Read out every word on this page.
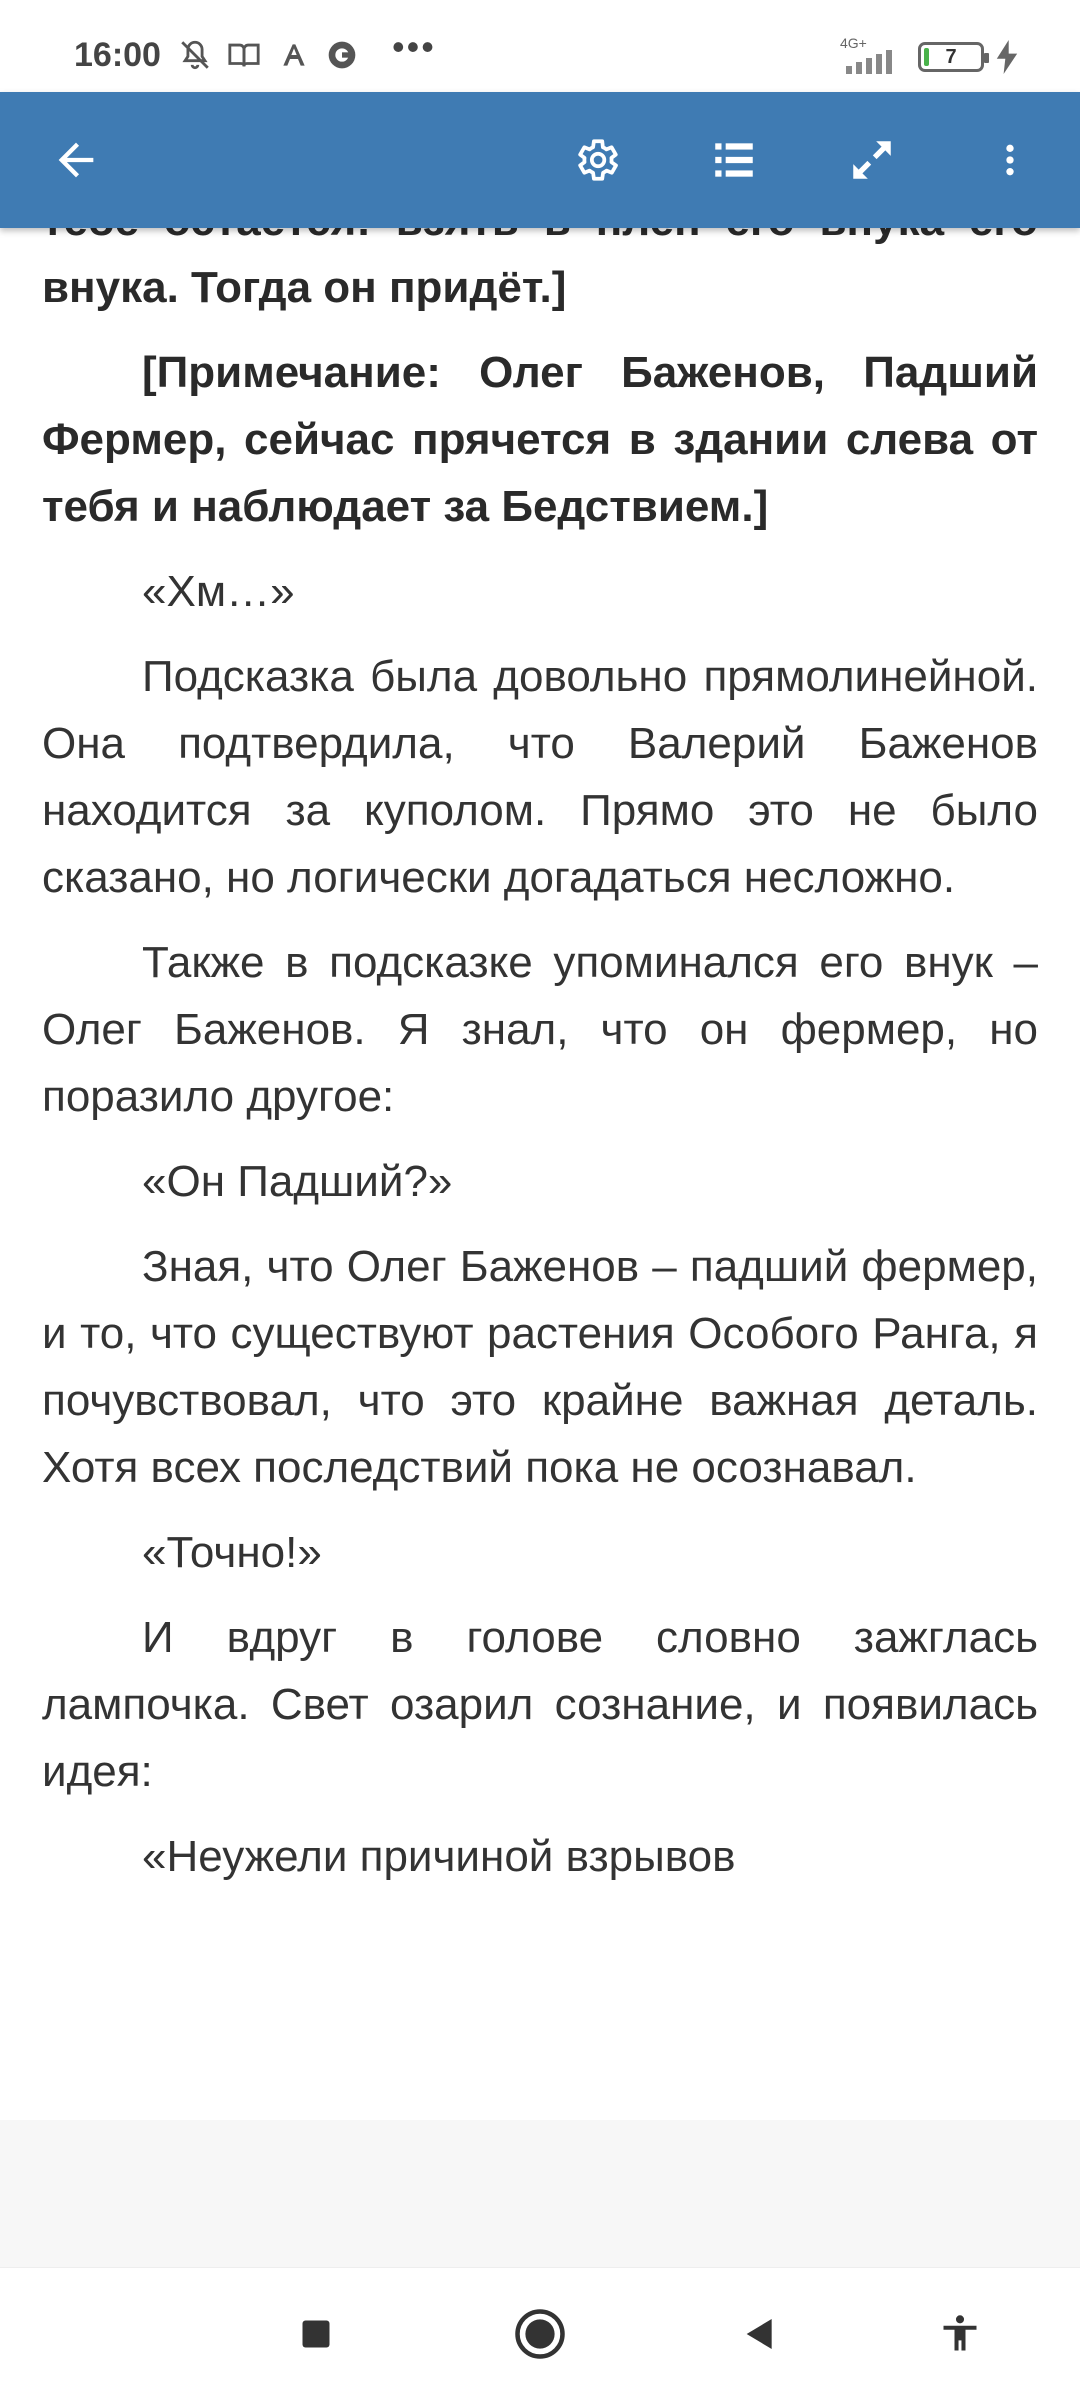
16:00	•••	4G+
7

внука. Тогда он придёт.]

[Примечание: Олег Баженов, Падший Фермер, сейчас прячется в здании слева от тебя и наблюдает за Бедствием.]

«Хм…»

Подсказка была довольно прямолинейной. Она подтвердила, что Валерий Баженов находится за куполом. Прямо это не было сказано, но логически догадаться несложно.

Также в подсказке упоминался его внук – Олег Баженов. Я знал, что он фермер, но поразило другое:

«Он Падший?»

Зная, что Олег Баженов – падший фермер, и то, что существуют растения Особого Ранга, я почувствовал, что это крайне важная деталь. Хотя всех последствий пока не осознавал.

«Точно!»

И вдруг в голове словно зажглась лампочка. Свет озарил сознание, и появилась идея:

«Неужели причиной взрывов
